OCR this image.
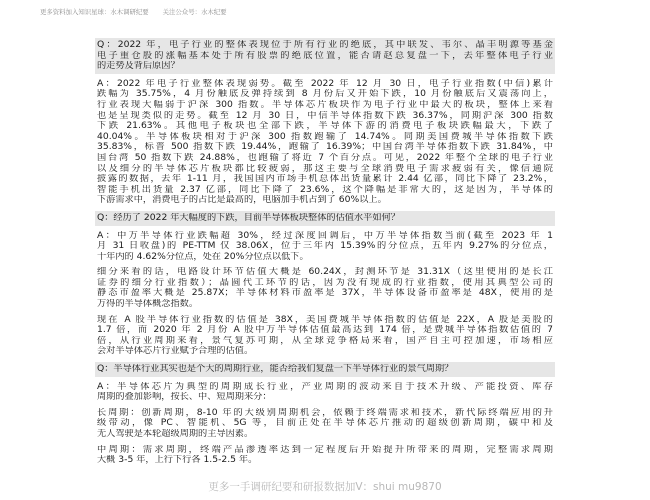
更多资料加入知识星球：水木调研纪要 关注公众号：水木纪要
Q：2022 年，电子行业的整体表现位于所有行业的绝底，其中联发、韦尔、晶丰明源等基金
电子重仓股的涨幅基本处于所有股票的绝底位置，能否请赵总复盘一下，去年整体电子行业
的走势及背后原因？
A：2022 年电子行业整体表现弱势。截至 2022 年 12 月 30 日，电子行业指数(中信)累计
跌幅为 35.75%，4 月份触底反弹持续到 8 月份后又开始下跌，10 月份触底后又震荡向上，
行业表现大幅弱于沪深 300 指数。半导体芯片板块作为电子行业中最大的板块，整体上来看
也是呈现类似的走势。截至 12 月 30 日，中信半导体指数下跌 36.37%，同期沪深 300 指数
下跌 21.63%。其他电子板块也全部下跌，半导体下游的消费电子板块跌幅最大，下跌了
40.04%。半导体板块相对于沪深 300 指数跑输了 14.74%。同期美国费城半导体指数下跌
35.83%，标普 500 指数下跌 19.44%，跑输了 16.39%；中国台湾半导体指数下跌 31.84%，中
国台湾 50 指数下跌 24.88%，也跑输了将近 7 个百分点。可见，2022 年整个全球的电子行业
以及细分的半导体芯片板块都比较疲弱，那这主要与全球消费电子需求疲弱有关，像信通院
披露的数据，去年 1-11 月，我国国内市场手机总体出货量累计 2.44 亿部，同比下降了 23.2%，
智能手机出货量 2.37 亿部，同比下降了 23.6%，这个降幅是非常大的，这是因为，半导体的
下游需求中，消费电子的占比是最高的，电脑加手机占到了 60%以上。
Q：经历了 2022 年大幅度的下跌，目前半导体板块整体的估值水平如何？
A：中万半导体行业跌幅超 30%，经过深度回调后，中万半导体指数当前(截至 2023 年 1
月 31 日收盘)的 PE-TTM 仅 38.06X，位于三年内 15.39%的分位点，五年内 9.27%的分位点，
十年内的 4.62%分位点，处在 20%分位点以低下。
细分来看的话，电路设计环节估值大概是 60.24X，封测环节是 31.31X（这里使用的是长江
证券的细分行业指数）；晶圆代工环节的话，因为没有现成的行业指数，使用其典型公司的
静态市盈率大概是 25.87X；半导体材料市盈率是 37X，半导体设备市盈率是 48X，使用的是
万得的半导体概念指数。
现在 A 股半导体行业指数的估值是 38X，美国费城半导体指数的估值是 22X，A 股是美股的
1.7 倍，而 2020 年 2 月份 A 股中万半导体估值最高达到 174 倍，是费城半导体指数估值的 7
倍，从行业周期来看，景气复苏可期，从全球竞争格局来看，国产自主可控加速，市场相应
会对半导体芯片行业赋予合理的估值。
Q：半导体行业其实也是个大的周期行业，能否给我们复盘一下半导体行业的景气周期？
A：半导体芯片为典型的周期成长行业，产业周期的波动来自于技术升级、产能投资、库存
周期的叠加影响，按长、中、短周期来分：
长周期：创新周期，8-10 年的大级别周期机会，依赖于终端需求和技术，新代际终端应用的升
级带动，像 PC、智能机、5G 等，目前正处在半导体芯片推动的超级创新周期，碳中和及
无人驾驶是本轮超级周期的主导因素。
中周期：需求周期，终端产品渗透率达到一定程度后开始提升所带来的周期，完整需求周期
大概 3-5 年，上行下行各 1.5-2.5 年。
更多一手调研纪要和研报数据加V：shui mu9870
